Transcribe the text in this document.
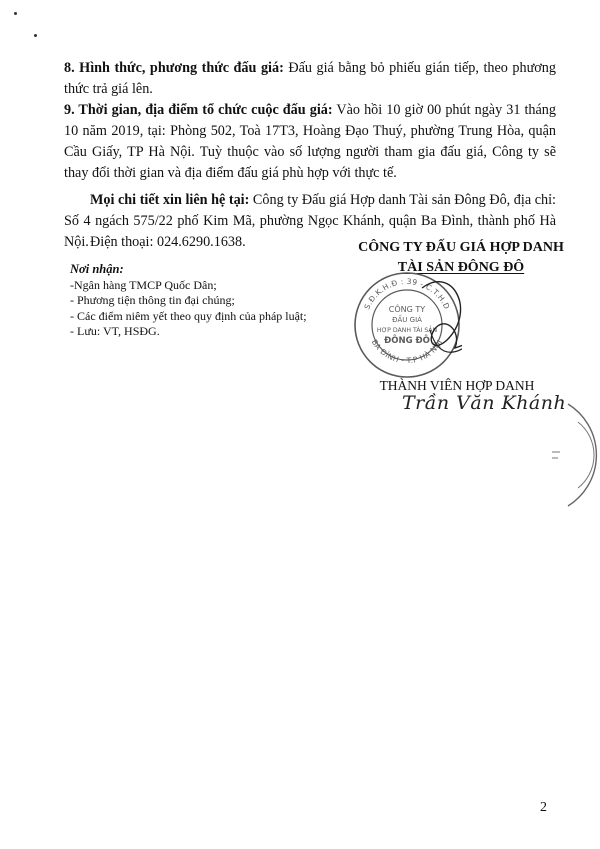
8. Hình thức, phương thức đấu giá: Đấu giá bằng bỏ phiếu gián tiếp, theo phương thức trả giá lên.

9. Thời gian, địa điểm tổ chức cuộc đấu giá: Vào hồi 10 giờ 00 phút ngày 31 tháng 10 năm 2019, tại: Phòng 502, Toà 17T3, Hoàng Đạo Thuý, phường Trung Hòa, quận Cầu Giấy, TP Hà Nội. Tuỳ thuộc vào số lượng người tham gia đấu giá, Công ty sẽ thay đổi thời gian và địa điểm đấu giá phù hợp với thực tế.

Mọi chi tiết xin liên hệ tại: Công ty Đấu giá Hợp danh Tài sản Đông Đô, địa chỉ: Số 4 ngách 575/22 phố Kim Mã, phường Ngọc Khánh, quận Ba Đình, thành phố Hà Nội. Điện thoại: 024.6290.1638.	CÔNG TY ĐẤU GIÁ HỢP DANH
TÀI SẢN ĐÔNG ĐÔ
Nơi nhận:
-Ngân hàng TMCP Quốc Dân;
- Phương tiện thông tin đại chúng;
- Các điểm niêm yết theo quy định của pháp luật;
- Lưu: VT, HSĐG.
S.Đ.K.H.Đ : 39 - C.T.H.D
BA ĐÌNH - T.P HÀ NỘI
CÔNG TY
ĐẤU GIÁ
HỢP DANH TÀI SẢN
ĐÔNG ĐÔ
THÀNH VIÊN HỢP DANH
Trần Văn Khánh
2
